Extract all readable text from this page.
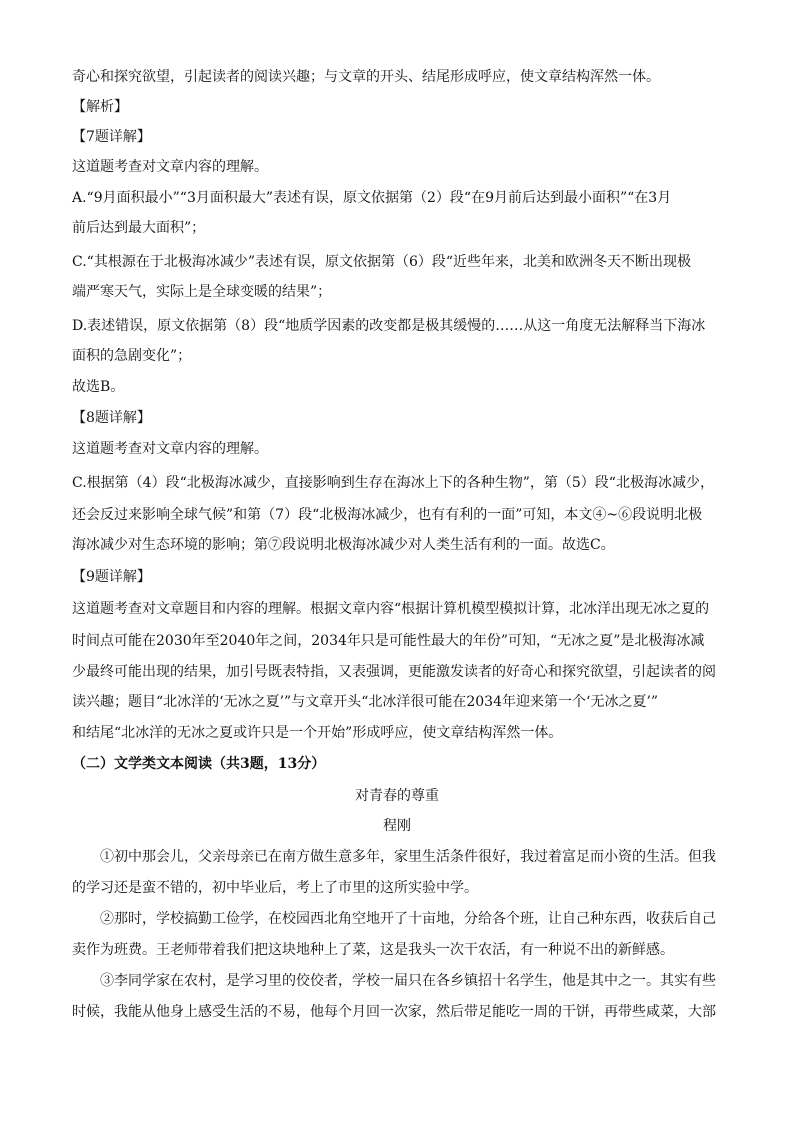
奇心和探究欲望，引起读者的阅读兴趣；与文章的开头、结尾形成呼应，使文章结构浑然一体。
【解析】
【7题详解】
这道题考查对文章内容的理解。
A.“9月面积最小”“3月面积最大”表述有误，原文依据第（2）段“在9月前后达到最小面积”“在3月
前后达到最大面积”；
C.“其根源在于北极海冰减少”表述有误，原文依据第（6）段“近些年来，北美和欧洲冬天不断出现极
端严寒天气，实际上是全球变暖的结果”；
D.表述错误，原文依据第（8）段“地质学因素的改变都是极其缓慢的……从这一角度无法解释当下海冰
面积的急剧变化”；
故选B。
【8题详解】
这道题考查对文章内容的理解。
C.根据第（4）段“北极海冰减少，直接影响到生存在海冰上下的各种生物”，第（5）段“北极海冰减少，
还会反过来影响全球气候”和第（7）段“北极海冰减少，也有有利的一面”可知，本文④~⑥段说明北极
海冰减少对生态环境的影响；第⑦段说明北极海冰减少对人类生活有利的一面。故选C。
【9题详解】
这道题考查对文章题目和内容的理解。根据文章内容“根据计算机模型模拟计算，北冰洋出现无冰之夏的
时间点可能在2030年至2040年之间，2034年只是可能性最大的年份”可知，“无冰之夏”是北极海冰减
少最终可能出现的结果，加引号既表特指，又表强调，更能激发读者的好奇心和探究欲望，引起读者的阅
读兴趣；题目“北冰洋的‘无冰之夏’”与文章开头“北冰洋很可能在2034年迎来第一个‘无冰之夏’”
和结尾“北冰洋的无冰之夏或许只是一个开始”形成呼应，使文章结构浑然一体。
（二）文学类文本阅读（共3题，13分）
对青春的尊重
程刚
①初中那会儿，父亲母亲已在南方做生意多年，家里生活条件很好，我过着富足而小资的生活。但我
的学习还是蛮不错的，初中毕业后，考上了市里的这所实验中学。
②那时，学校搞勤工俭学，在校园西北角空地开了十亩地，分给各个班，让自己种东西，收获后自己
卖作为班费。王老师带着我们把这块地种上了菜，这是我头一次干农活，有一种说不出的新鲜感。
③李同学家在农村，是学习里的佼佼者，学校一届只在各乡镇招十名学生，他是其中之一。其实有些
时候，我能从他身上感受生活的不易，他每个月回一次家，然后带足能吃一周的干饼，再带些咸菜，大部
